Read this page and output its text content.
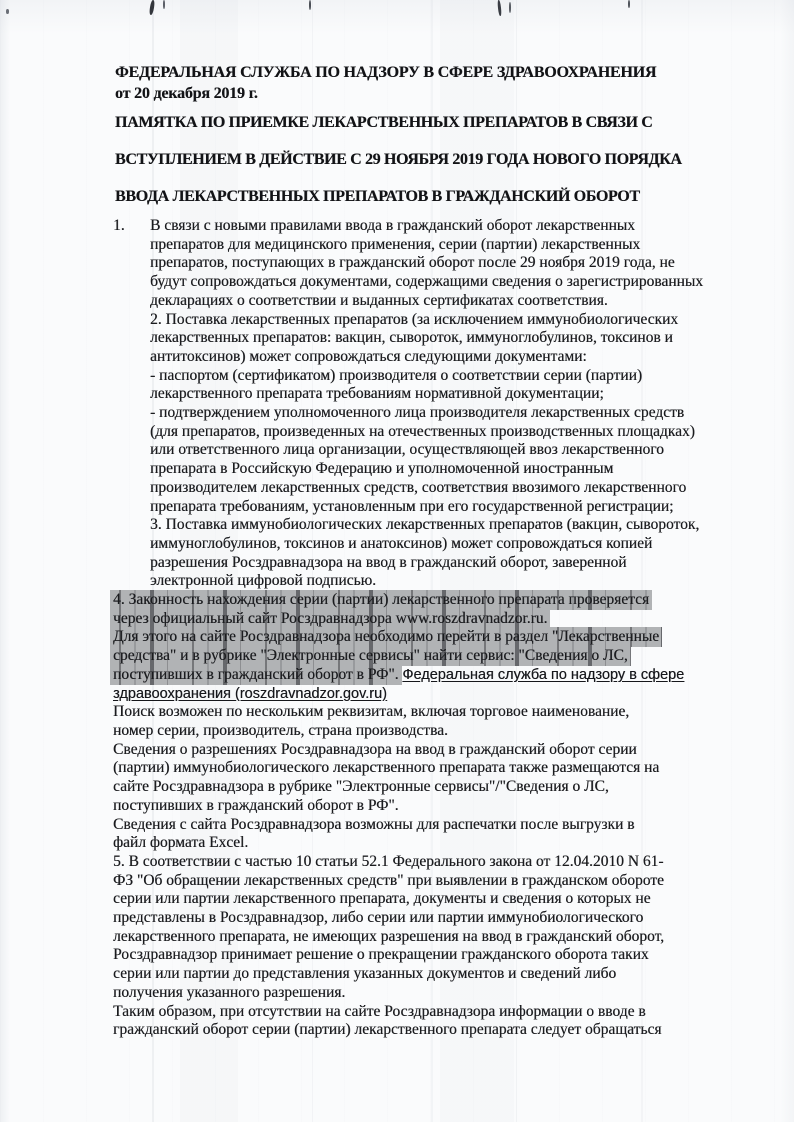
ФЕДЕРАЛЬНАЯ СЛУЖБА ПО НАДЗОРУ В СФЕРЕ ЗДРАВООХРАНЕНИЯ
от 20 декабря 2019 г.
ПАМЯТКА ПО ПРИЕМКЕ ЛЕКАРСТВЕННЫХ ПРЕПАРАТОВ В СВЯЗИ С
ВСТУПЛЕНИЕМ В ДЕЙСТВИЕ С 29 НОЯБРЯ 2019 ГОДА НОВОГО ПОРЯДКА
ВВОДА ЛЕКАРСТВЕННЫХ ПРЕПАРАТОВ В ГРАЖДАНСКИЙ ОБОРОТ
1. В связи с новыми правилами ввода в гражданский оборот лекарственных
препаратов для медицинского применения, серии (партии) лекарственных
препаратов, поступающих в гражданский оборот после 29 ноября 2019 года, не
будут сопровождаться документами, содержащими сведения о зарегистрированных
декларациях о соответствии и выданных сертификатах соответствия.
2. Поставка лекарственных препаратов (за исключением иммунобиологических
лекарственных препаратов: вакцин, сывороток, иммуноглобулинов, токсинов и
антитоксинов) может сопровождаться следующими документами:
- паспортом (сертификатом) производителя о соответствии серии (партии)
лекарственного препарата требованиям нормативной документации;
- подтверждением уполномоченного лица производителя лекарственных средств
(для препаратов, произведенных на отечественных производственных площадках)
или ответственного лица организации, осуществляющей ввоз лекарственного
препарата в Российскую Федерацию и уполномоченной иностранным
производителем лекарственных средств, соответствия ввозимого лекарственного
препарата требованиям, установленным при его государственной регистрации;
3. Поставка иммунобиологических лекарственных препаратов (вакцин, сывороток,
иммуноглобулинов, токсинов и анатоксинов) может сопровождаться копией
разрешения Росздравнадзора на ввод в гражданский оборот, заверенной
электронной цифровой подписью.
4. Законность нахождения серии (партии) лекарственного препарата проверяется
через официальный сайт Росздравнадзора www.roszdravnadzor.ru.
Для этого на сайте Росздравнадзора необходимо перейти в раздел "Лекарственные
средства" и в рубрике "Электронные сервисы" найти сервис: "Сведения о ЛС,
поступивших в гражданский оборот в РФ". Федеральная служба по надзору в сфере
здравоохранения (roszdravnadzor.gov.ru)
Поиск возможен по нескольким реквизитам, включая торговое наименование,
номер серии, производитель, страна производства.
Сведения о разрешениях Росздравнадзора на ввод в гражданский оборот серии
(партии) иммунобиологического лекарственного препарата также размещаются на
сайте Росздравнадзора в рубрике "Электронные сервисы"/"Сведения о ЛС,
поступивших в гражданский оборот в РФ".
Сведения с сайта Росздравнадзора возможны для распечатки после выгрузки в
файл формата Excel.
5. В соответствии с частью 10 статьи 52.1 Федерального закона от 12.04.2010 N 61-
ФЗ "Об обращении лекарственных средств" при выявлении в гражданском обороте
серии или партии лекарственного препарата, документы и сведения о которых не
представлены в Росздравнадзор, либо серии или партии иммунобиологического
лекарственного препарата, не имеющих разрешения на ввод в гражданский оборот,
Росздравнадзор принимает решение о прекращении гражданского оборота таких
серии или партии до представления указанных документов и сведений либо
получения указанного разрешения.
Таким образом, при отсутствии на сайте Росздравнадзора информации о вводе в
гражданский оборот серии (партии) лекарственного препарата следует обращаться
